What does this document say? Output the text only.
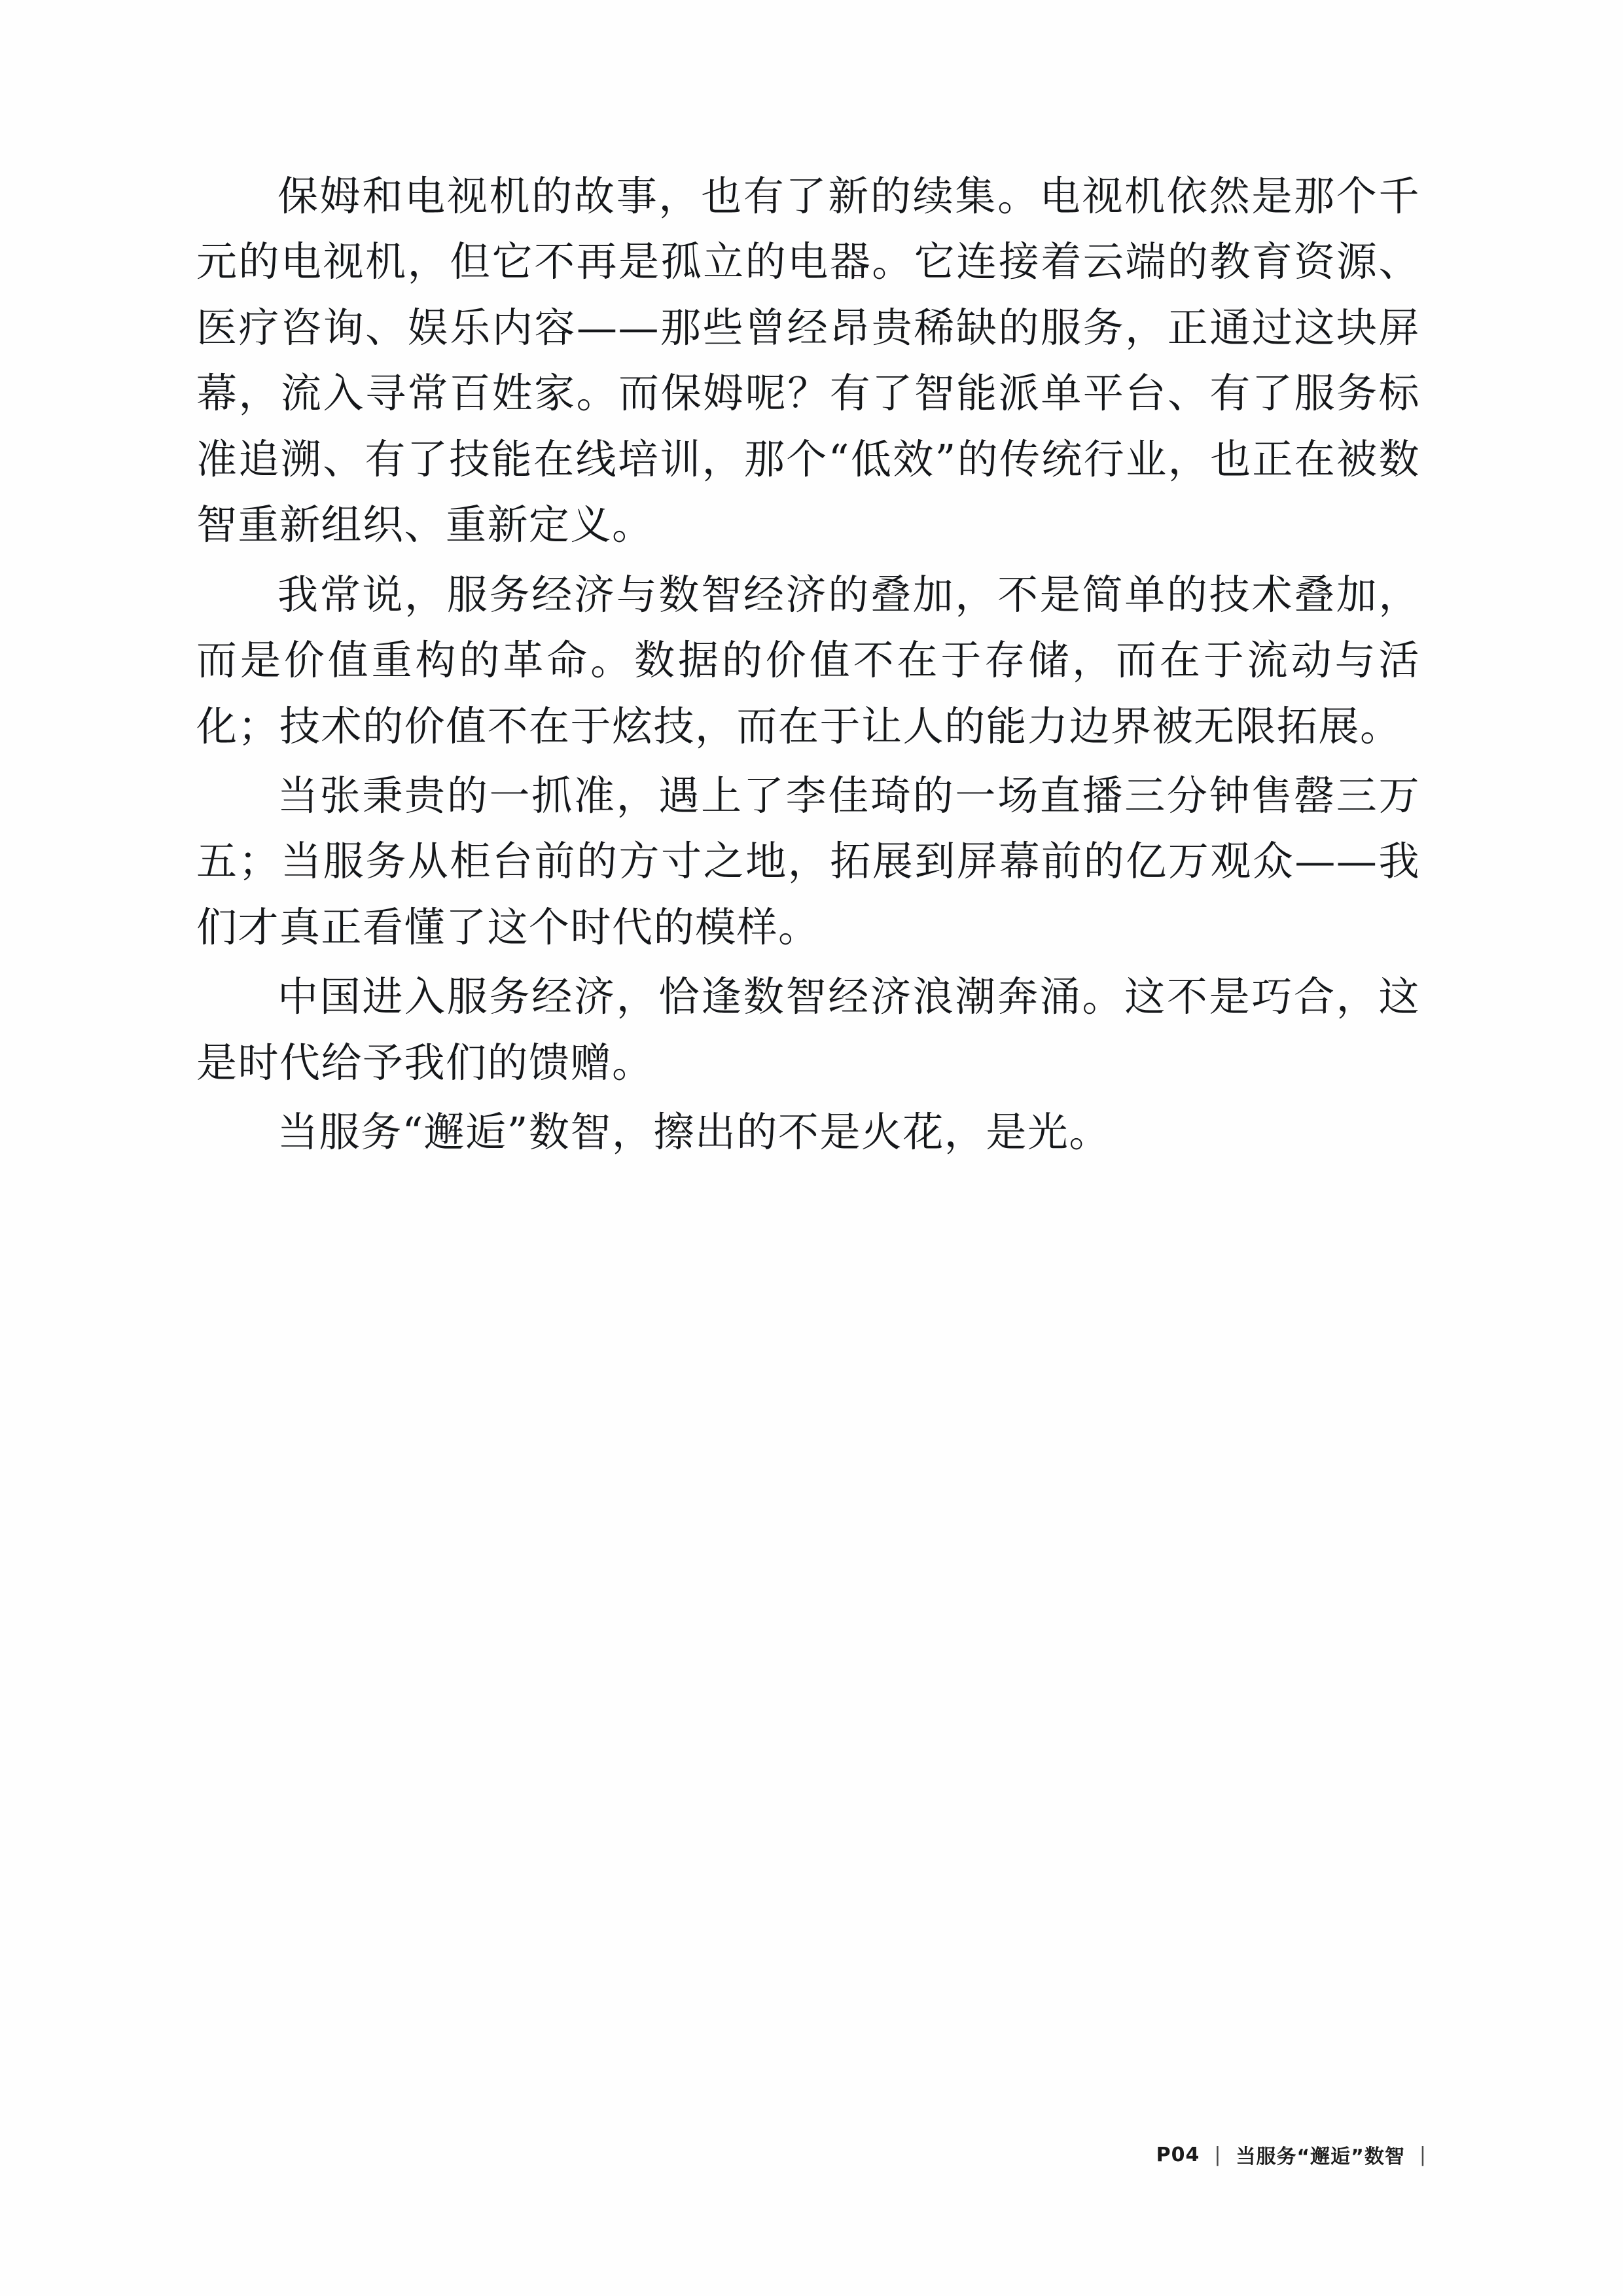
保姆和电视机的故事，也有了新的续集。电视机依然是那个千元的电视机，但它不再是孤立的电器。它连接着云端的教育资源、医疗咨询、娱乐内容——那些曾经昂贵稀缺的服务，正通过这块屏幕，流入寻常百姓家。而保姆呢？有了智能派单平台、有了服务标准追溯、有了技能在线培训，那个“低效”的传统行业，也正在被数智重新组织、重新定义。

我常说，服务经济与数智经济的叠加，不是简单的技术叠加，而是价值重构的革命。数据的价值不在于存储，而在于流动与活化；技术的价值不在于炫技，而在于让人的能力边界被无限拓展。

当张秉贵的一抓准，遇上了李佳琦的一场直播三分钟售罄三万五；当服务从柜台前的方寸之地，拓展到屏幕前的亿万观众——我们才真正看懂了这个时代的模样。

中国进入服务经济，恰逢数智经济浪潮奔涌。这不是巧合，这是时代给予我们的馈赠。

当服务“邂逅”数智，擦出的不是火花，是光。

P04 | 当服务“邂逅”数智 |
